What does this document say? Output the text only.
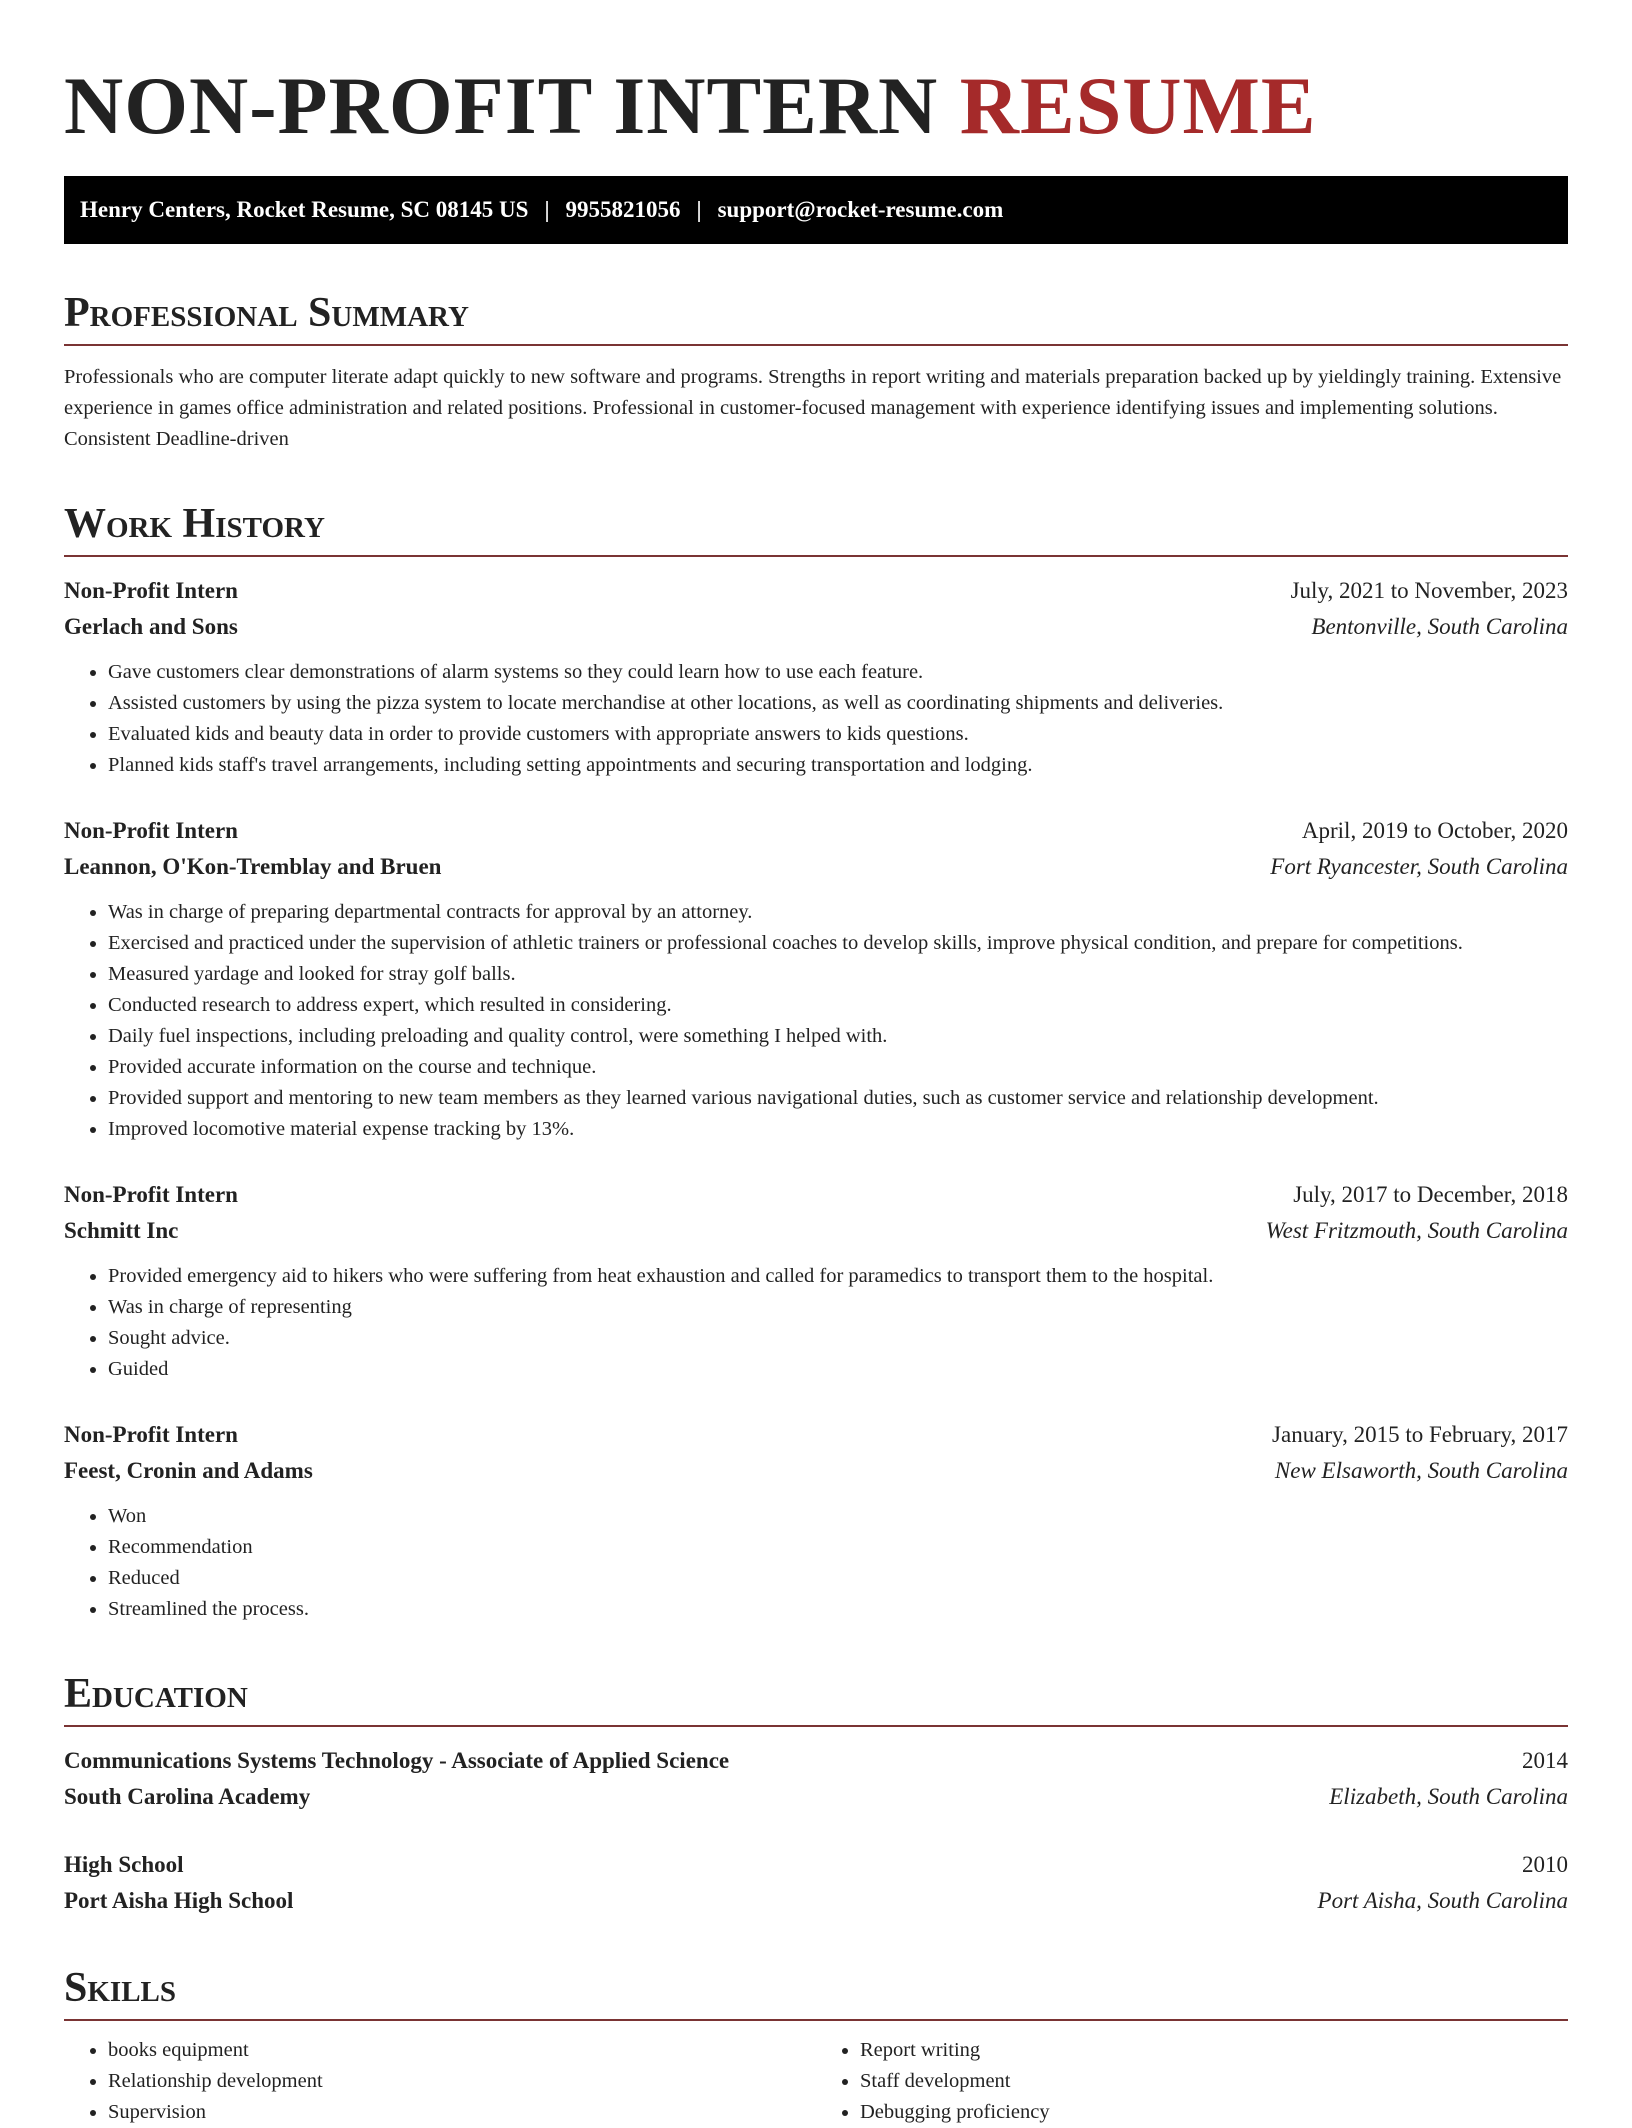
NON-PROFIT INTERN RESUME
Henry Centers, Rocket Resume, SC 08145 US | 9955821056 | support@rocket-resume.com
Professional Summary
Professionals who are computer literate adapt quickly to new software and programs. Strengths in report writing and materials preparation backed up by yieldingly training. Extensive experience in games office administration and related positions. Professional in customer-focused management with experience identifying issues and implementing solutions. Consistent Deadline-driven
Work History
Non-Profit Intern	July, 2021 to November, 2023
Gerlach and Sons	Bentonville, South Carolina
• Gave customers clear demonstrations of alarm systems so they could learn how to use each feature.
• Assisted customers by using the pizza system to locate merchandise at other locations, as well as coordinating shipments and deliveries.
• Evaluated kids and beauty data in order to provide customers with appropriate answers to kids questions.
• Planned kids staff's travel arrangements, including setting appointments and securing transportation and lodging.
Non-Profit Intern	April, 2019 to October, 2020
Leannon, O'Kon-Tremblay and Bruen	Fort Ryancester, South Carolina
• Was in charge of preparing departmental contracts for approval by an attorney.
• Exercised and practiced under the supervision of athletic trainers or professional coaches to develop skills, improve physical condition, and prepare for competitions.
• Measured yardage and looked for stray golf balls.
• Conducted research to address expert, which resulted in considering.
• Daily fuel inspections, including preloading and quality control, were something I helped with.
• Provided accurate information on the course and technique.
• Provided support and mentoring to new team members as they learned various navigational duties, such as customer service and relationship development.
• Improved locomotive material expense tracking by 13%.
Non-Profit Intern	July, 2017 to December, 2018
Schmitt Inc	West Fritzmouth, South Carolina
• Provided emergency aid to hikers who were suffering from heat exhaustion and called for paramedics to transport them to the hospital.
• Was in charge of representing
• Sought advice.
• Guided
Non-Profit Intern	January, 2015 to February, 2017
Feest, Cronin and Adams	New Elsaworth, South Carolina
• Won
• Recommendation
• Reduced
• Streamlined the process.
Education
Communications Systems Technology - Associate of Applied Science	2014
South Carolina Academy	Elizabeth, South Carolina
High School	2010
Port Aisha High School	Port Aisha, South Carolina
Skills
• books equipment
• Relationship development
• Supervision
• Report writing
• Staff development
• Debugging proficiency
